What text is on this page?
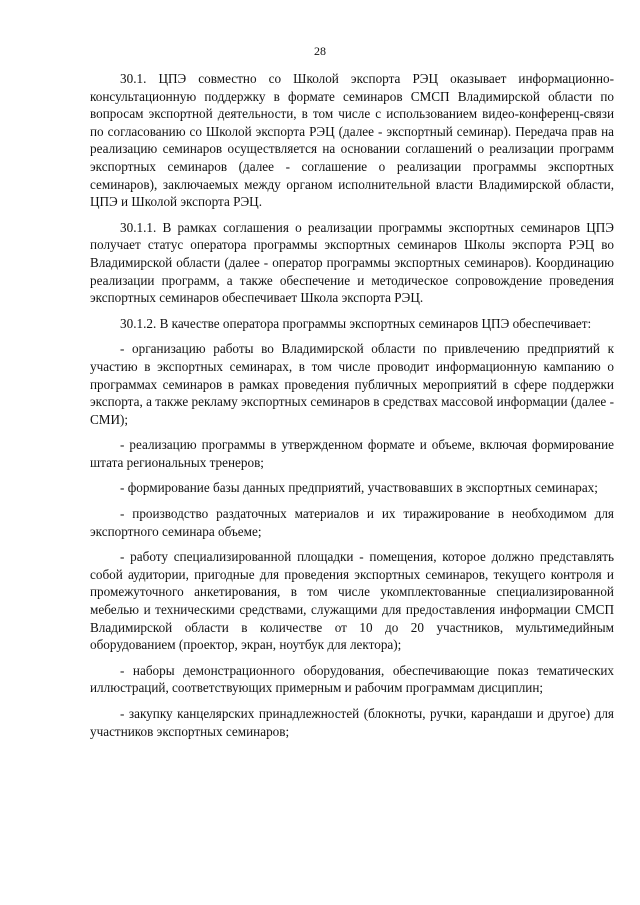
28

30.1. ЦПЭ совместно со Школой экспорта РЭЦ оказывает информационно-консультационную поддержку в формате семинаров СМСП Владимирской области по вопросам экспортной деятельности, в том числе с использованием видео-конференц-связи по согласованию со Школой экспорта РЭЦ (далее - экспортный семинар). Передача прав на реализацию семинаров осуществляется на основании соглашений о реализации программ экспортных семинаров (далее - соглашение о реализации программы экспортных семинаров), заключаемых между органом исполнительной власти Владимирской области, ЦПЭ и Школой экспорта РЭЦ.

30.1.1. В рамках соглашения о реализации программы экспортных семинаров ЦПЭ получает статус оператора программы экспортных семинаров Школы экспорта РЭЦ во Владимирской области (далее - оператор программы экспортных семинаров). Координацию реализации программ, а также обеспечение и методическое сопровождение проведения экспортных семинаров обеспечивает Школа экспорта РЭЦ.

30.1.2. В качестве оператора программы экспортных семинаров ЦПЭ обеспечивает:

- организацию работы во Владимирской области по привлечению предприятий к участию в экспортных семинарах, в том числе проводит информационную кампанию о программах семинаров в рамках проведения публичных мероприятий в сфере поддержки экспорта, а также рекламу экспортных семинаров в средствах массовой информации (далее - СМИ);

- реализацию программы в утвержденном формате и объеме, включая формирование штата региональных тренеров;

- формирование базы данных предприятий, участвовавших в экспортных семинарах;

- производство раздаточных материалов и их тиражирование в необходимом для экспортного семинара объеме;

- работу специализированной площадки - помещения, которое должно представлять собой аудитории, пригодные для проведения экспортных семинаров, текущего контроля и промежуточного анкетирования, в том числе укомплектованные специализированной мебелью и техническими средствами, служащими для предоставления информации СМСП Владимирской области в количестве от 10 до 20 участников, мультимедийным оборудованием (проектор, экран, ноутбук для лектора);

- наборы демонстрационного оборудования, обеспечивающие показ тематических иллюстраций, соответствующих примерным и рабочим программам дисциплин;

- закупку канцелярских принадлежностей (блокноты, ручки, карандаши и другое) для участников экспортных семинаров;
